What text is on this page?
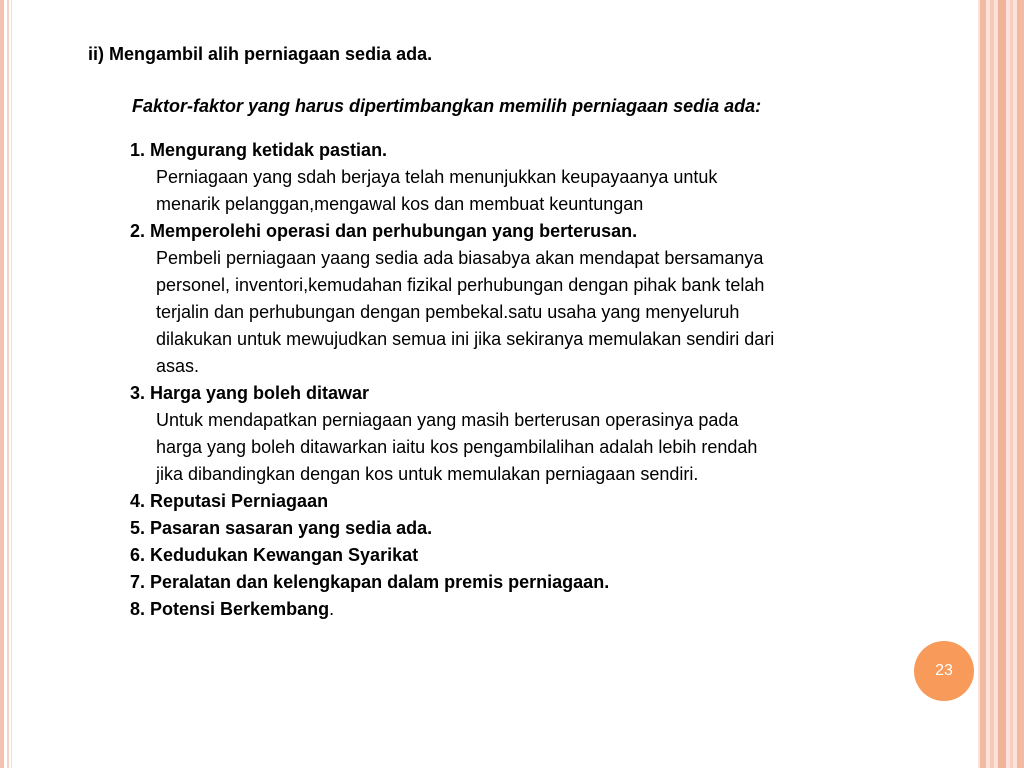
ii) Mengambil alih perniagaan sedia ada.
Faktor-faktor yang harus dipertimbangkan memilih perniagaan sedia ada:
1. Mengurang ketidak pastian.
Perniagaan yang sdah berjaya telah menunjukkan keupayaanya untuk
menarik pelanggan,mengawal kos dan membuat keuntungan
2. Memperolehi operasi dan perhubungan yang berterusan.
Pembeli perniagaan yaang sedia ada biasabya akan mendapat bersamanya
personel, inventori,kemudahan fizikal perhubungan dengan pihak bank telah
terjalin dan perhubungan dengan pembekal.satu usaha yang menyeluruh
dilakukan untuk mewujudkan semua ini jika sekiranya memulakan sendiri dari
asas.
3. Harga yang boleh ditawar
Untuk mendapatkan perniagaan yang masih berterusan operasinya pada
harga yang boleh ditawarkan iaitu kos pengambilalihan adalah lebih rendah
jika dibandingkan dengan kos untuk memulakan perniagaan sendiri.
4. Reputasi Perniagaan
5. Pasaran sasaran yang sedia ada.
6. Kedudukan Kewangan Syarikat
7. Peralatan dan kelengkapan dalam premis perniagaan.
8. Potensi Berkembang.
23
